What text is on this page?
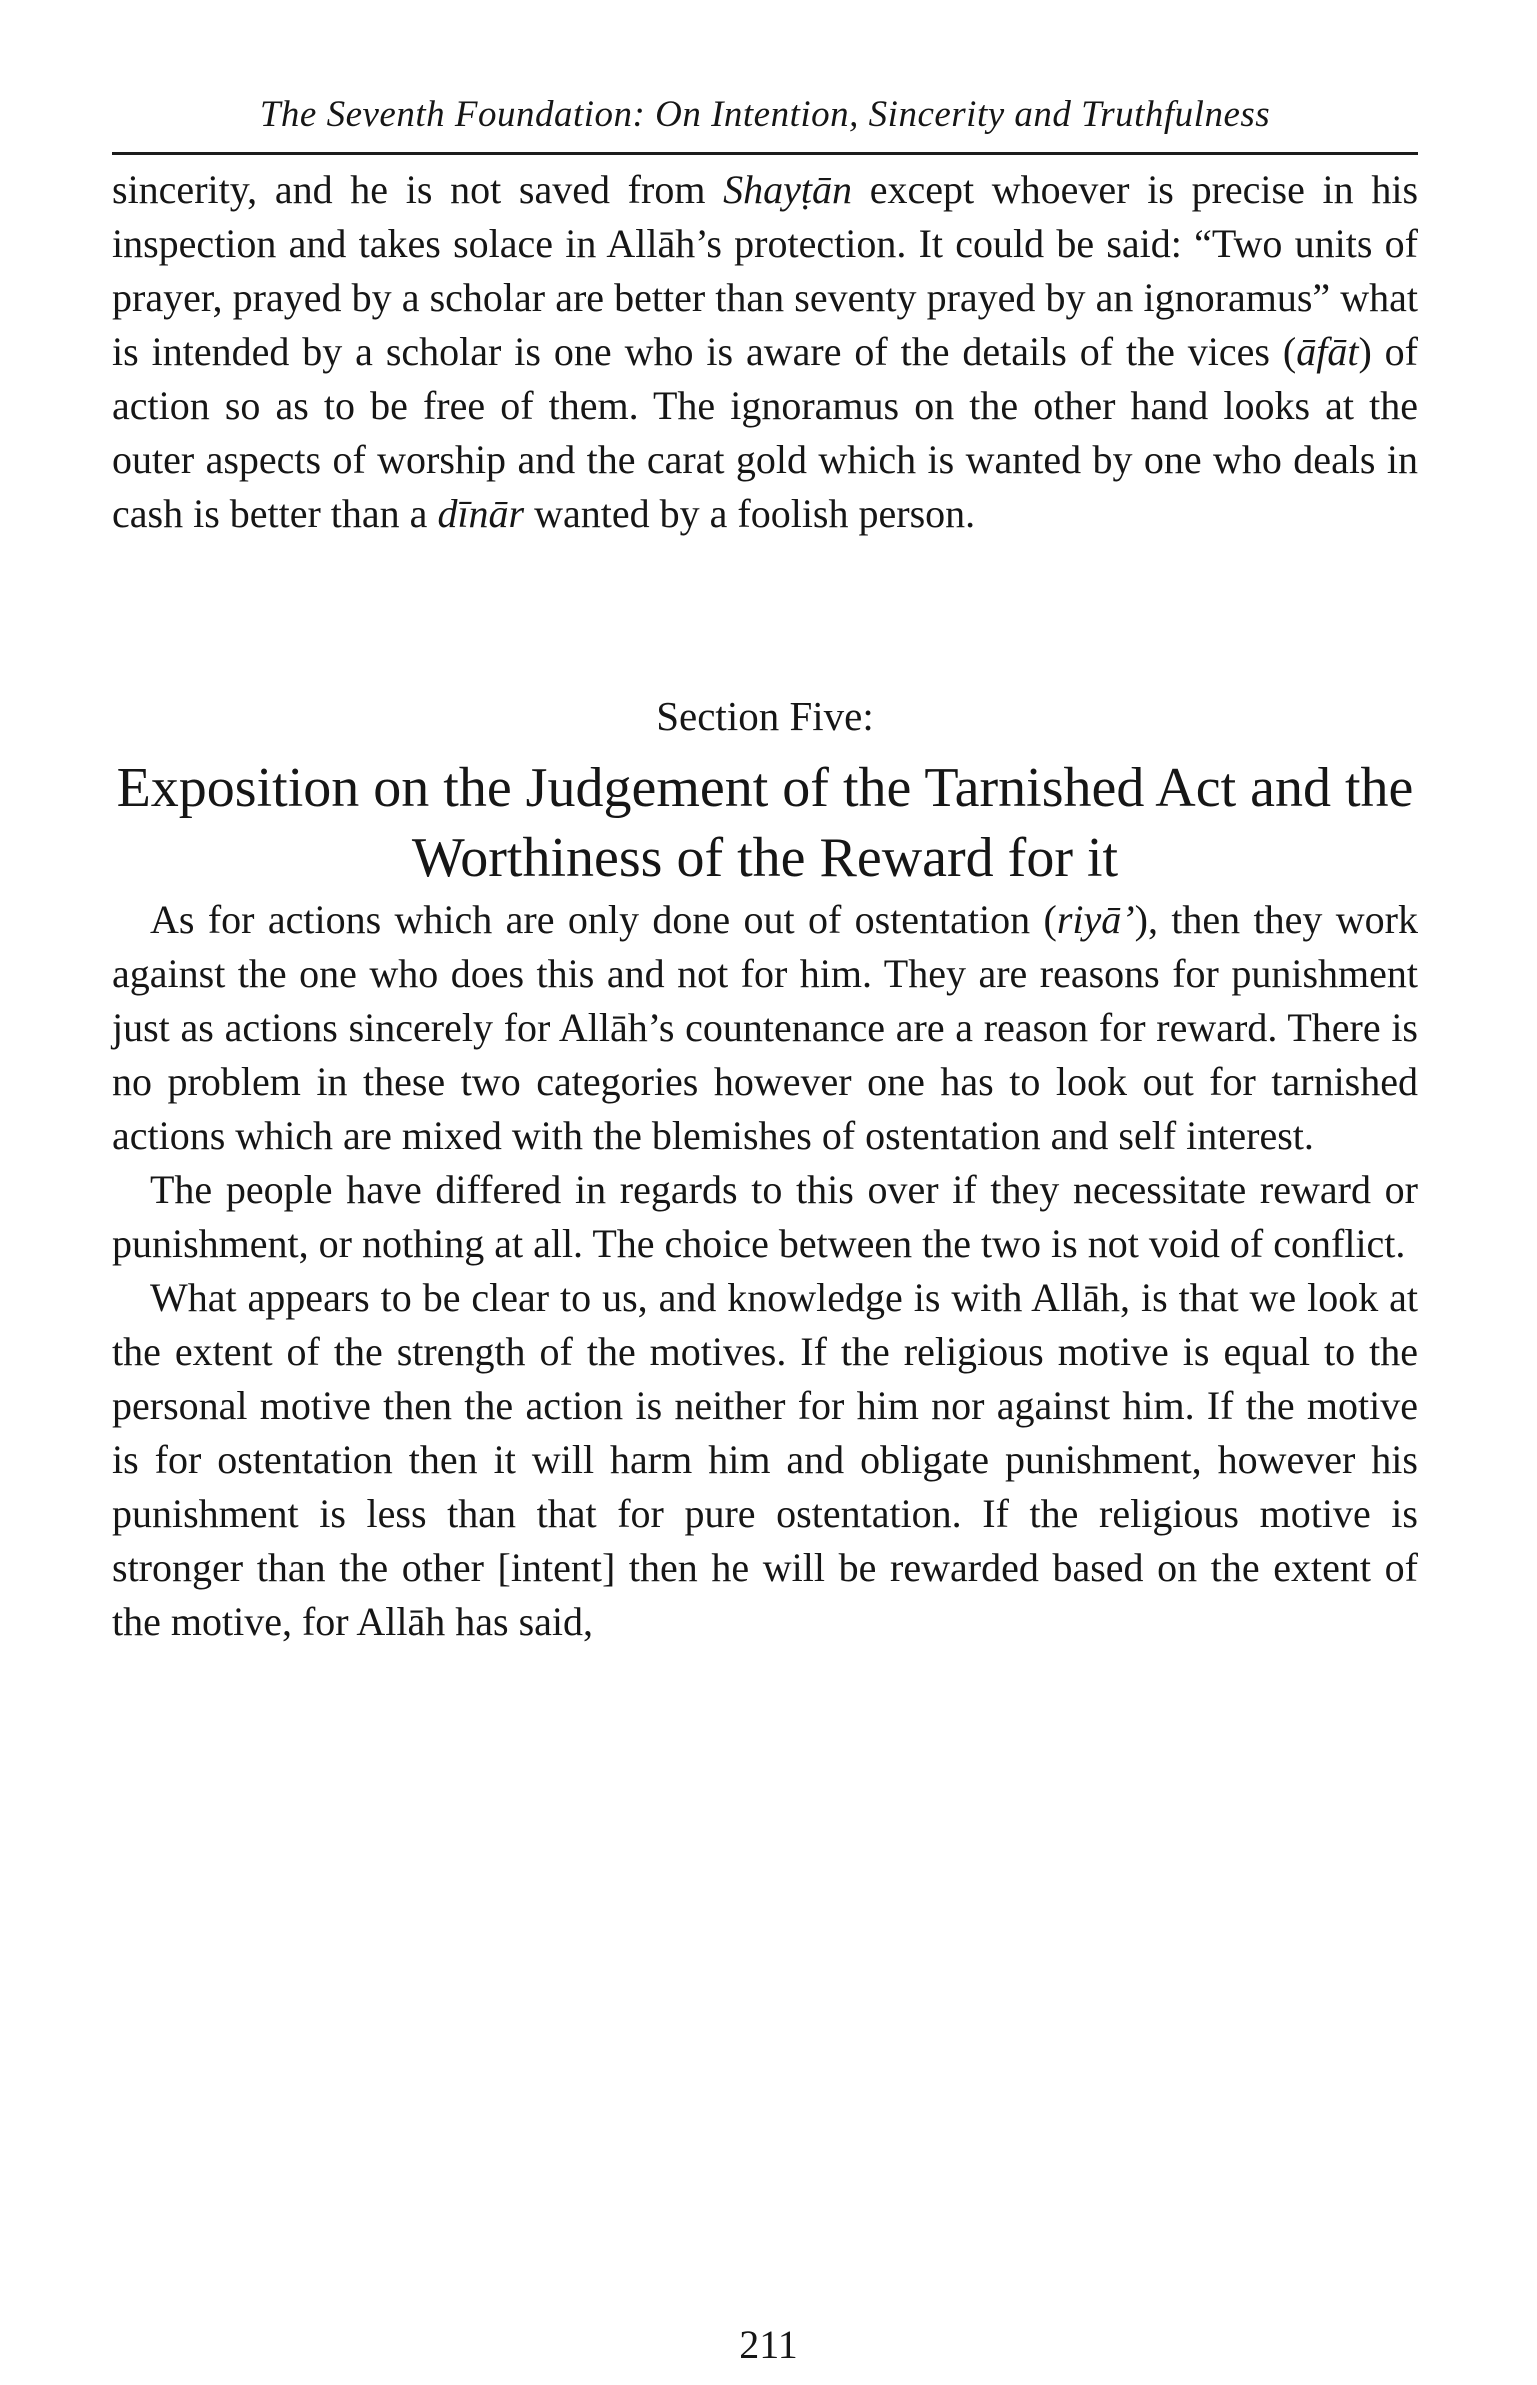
The Seventh Foundation: On Intention, Sincerity and Truthfulness

sincerity, and he is not saved from Shayṭān except whoever is precise in his inspection and takes solace in Allāh’s protection. It could be said: “Two units of prayer, prayed by a scholar are better than seventy prayed by an ignoramus” what is intended by a scholar is one who is aware of the details of the vices (āfāt) of action so as to be free of them. The ignoramus on the other hand looks at the outer aspects of worship and the carat gold which is wanted by one who deals in cash is better than a dīnār wanted by a foolish person.

Section Five:
Exposition on the Judgement of the Tarnished Act and the Worthiness of the Reward for it

As for actions which are only done out of ostentation (riyā’), then they work against the one who does this and not for him. They are reasons for punishment just as actions sincerely for Allāh’s countenance are a reason for reward. There is no problem in these two categories however one has to look out for tarnished actions which are mixed with the blemishes of ostentation and self interest.

The people have differed in regards to this over if they necessitate reward or punishment, or nothing at all. The choice between the two is not void of conflict.

What appears to be clear to us, and knowledge is with Allāh, is that we look at the extent of the strength of the motives. If the religious motive is equal to the personal motive then the action is neither for him nor against him. If the motive is for ostentation then it will harm him and obligate punishment, however his punishment is less than that for pure ostentation. If the religious motive is stronger than the other [intent] then he will be rewarded based on the extent of the motive, for Allāh has said,

211
